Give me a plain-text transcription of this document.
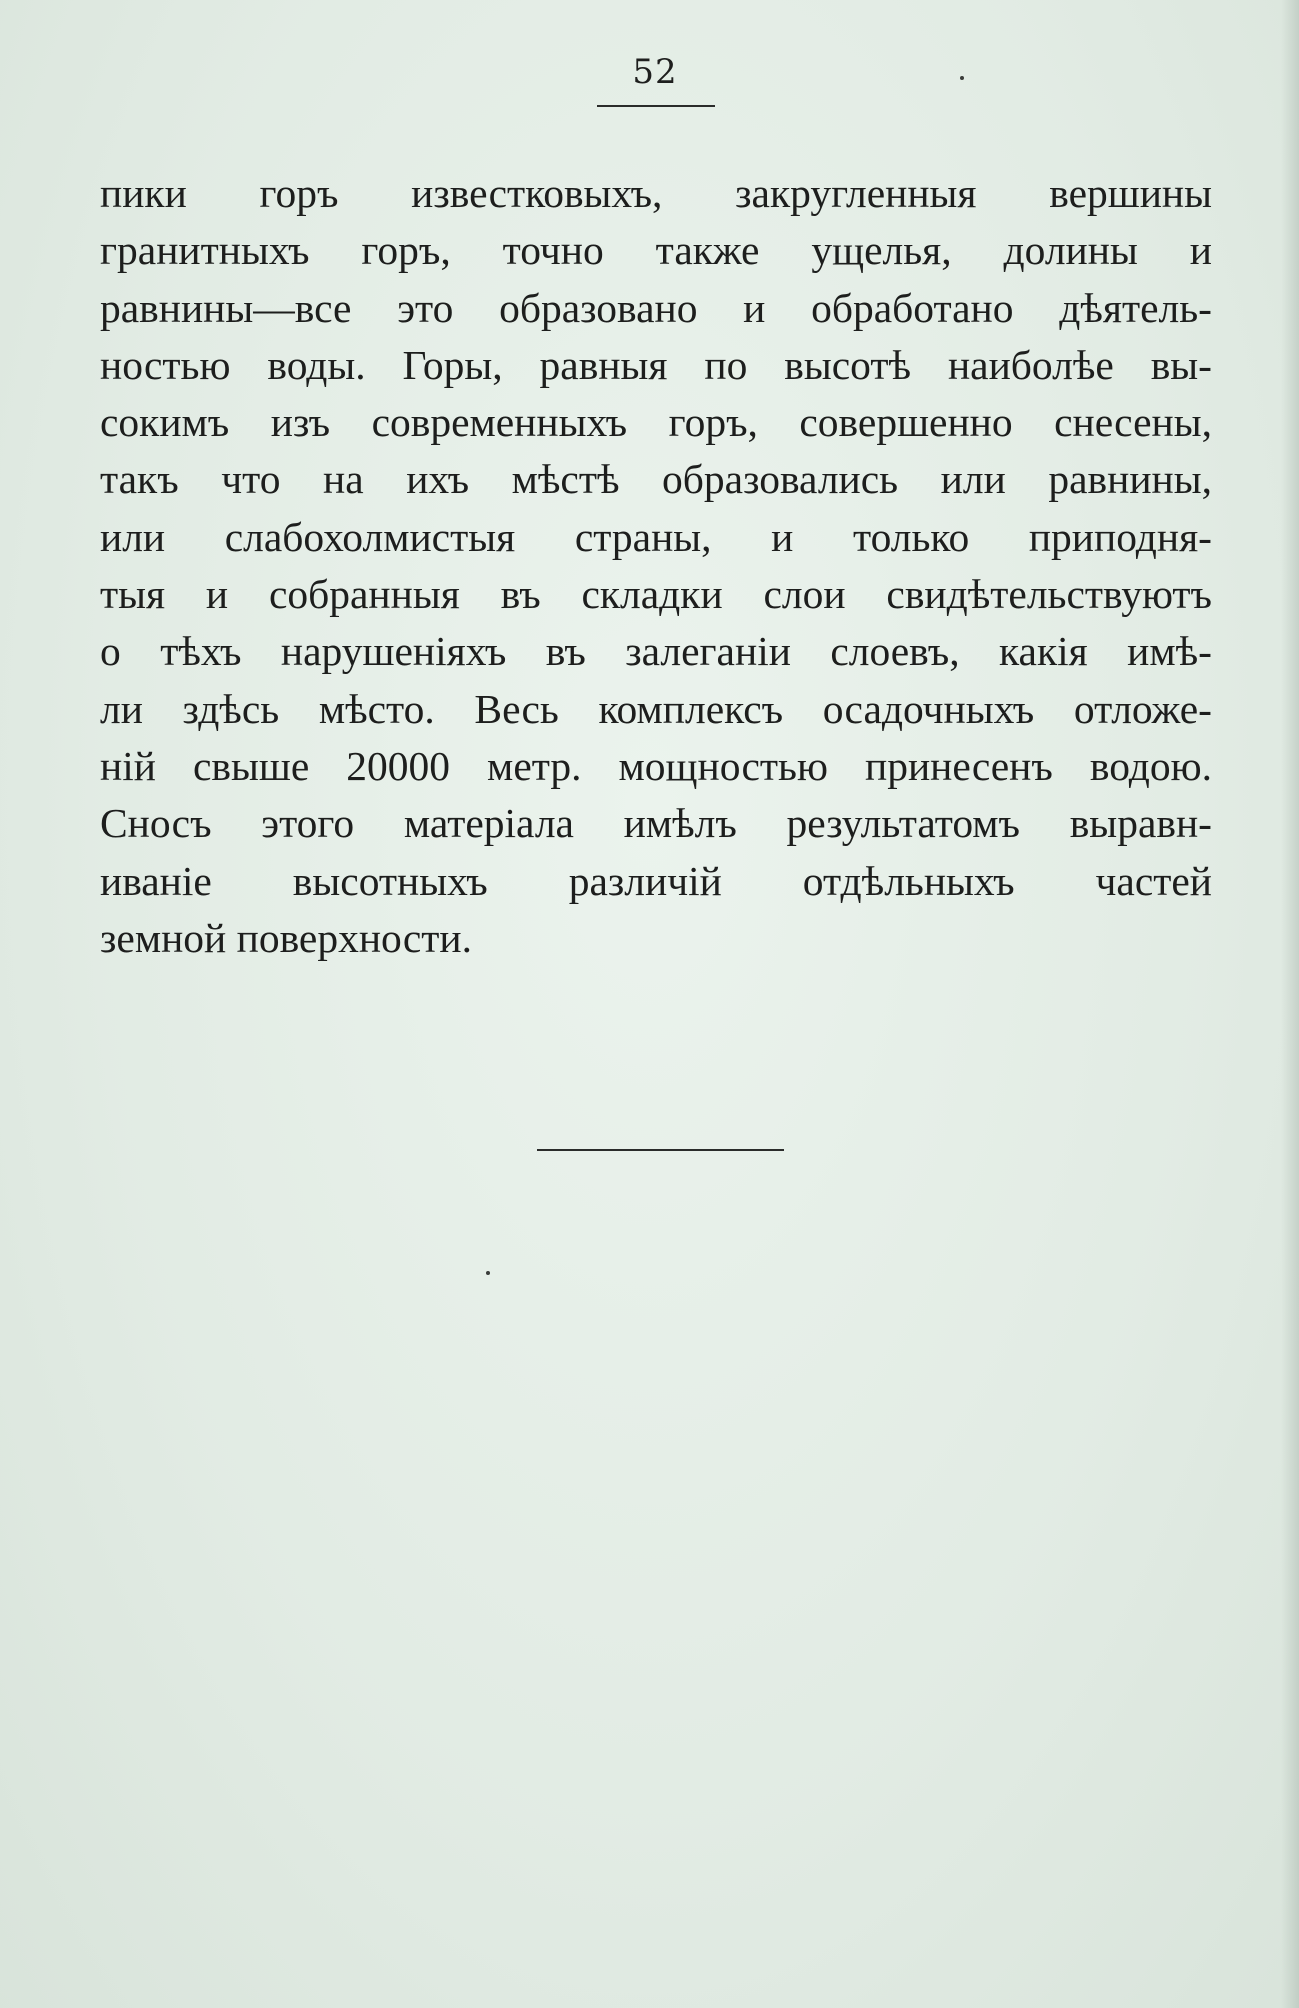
52
пики горъ известковыхъ, закругленныя вершины
гранитныхъ горъ, точно также ущелья, долины и
равнины—все это образовано и обработано дѣятель-
ностью воды. Горы, равныя по высотѣ наиболѣе вы-
сокимъ изъ современныхъ горъ, совершенно снесены,
такъ что на ихъ мѣстѣ образовались или равнины,
или слабохолмистыя страны, и только приподня-
тыя и собранныя въ складки слои свидѣтельствуютъ
о тѣхъ нарушеніяхъ въ залеганіи слоевъ, какія имѣ-
ли здѣсь мѣсто. Весь комплексъ осадочныхъ отложе-
ній свыше 20000 метр. мощностью принесенъ водою.
Сносъ этого матеріала имѣлъ результатомъ выравн-
иваніе высотныхъ различій отдѣльныхъ частей
земной поверхности.
